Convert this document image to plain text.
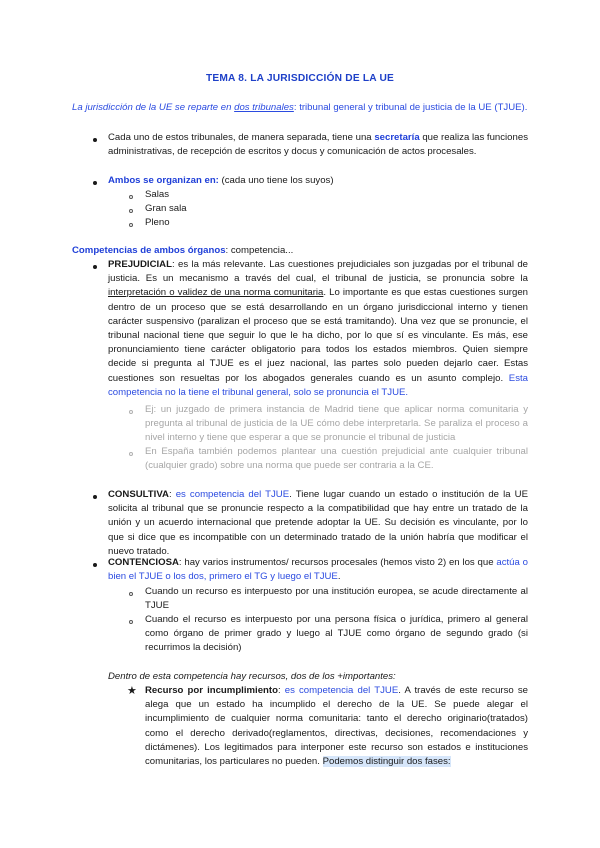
TEMA 8. LA JURISDICCIÓN DE LA UE

La jurisdicción de la UE se reparte en dos tribunales: tribunal general y tribunal de justicia de la UE (TJUE).

Cada uno de estos tribunales, de manera separada, tiene una secretaría que realiza las funciones administrativas, de recepción de escritos y docus y comunicación de actos procesales.

Ambos se organizan en: (cada uno tiene los suyos)

Salas

Gran sala

Pleno

Competencias de ambos órganos: competencia...

PREJUDICIAL: es la más relevante. Las cuestiones prejudiciales son juzgadas por el tribunal de justicia. Es un mecanismo a través del cual, el tribunal de justicia, se pronuncia sobre la interpretación o validez de una norma comunitaria. Lo importante es que estas cuestiones surgen dentro de un proceso que se está desarrollando en un órgano jurisdiccional interno y tienen carácter suspensivo (paralizan el proceso que se está tramitando). Una vez que se pronuncie, el tribunal nacional tiene que seguir lo que le ha dicho, por lo que sí es vinculante. Es más, ese pronunciamiento tiene carácter obligatorio para todos los estados miembros. Quien siempre decide si pregunta al TJUE es el juez nacional, las partes solo pueden dejarlo caer. Estas cuestiones son resueltas por los abogados generales cuando es un asunto complejo. Esta competencia no la tiene el tribunal general, solo se pronuncia el TJUE.

Ej: un juzgado de primera instancia de Madrid tiene que aplicar norma comunitaria y pregunta al tribunal de justicia de la UE cómo debe interpretarla. Se paraliza el proceso a nivel interno y tiene que esperar a que se pronuncie el tribunal de justicia

En España también podemos plantear una cuestión prejudicial ante cualquier tribunal (cualquier grado) sobre una norma que puede ser contraria a la CE.

CONSULTIVA: es competencia del TJUE. Tiene lugar cuando un estado o institución de la UE solicita al tribunal que se pronuncie respecto a la compatibilidad que hay entre un tratado de la unión y un acuerdo internacional que pretende adoptar la UE. Su decisión es vinculante, por lo que si dice que es incompatible con un determinado tratado de la unión habría que modificar el nuevo tratado.

CONTENCIOSA: hay varios instrumentos/ recursos procesales (hemos visto 2) en los que actúa o bien el TJUE o los dos, primero el TG y luego el TJUE.

Cuando un recurso es interpuesto por una institución europea, se acude directamente al TJUE

Cuando el recurso es interpuesto por una persona física o jurídica, primero al general como órgano de primer grado y luego al TJUE como órgano de segundo grado (si recurrimos la decisión)

Dentro de esta competencia hay recursos, dos de los +importantes:

★ Recurso por incumplimiento: es competencia del TJUE. A través de este recurso se alega que un estado ha incumplido el derecho de la UE. Se puede alegar el incumplimiento de cualquier norma comunitaria: tanto el derecho originario(tratados) como el derecho derivado(reglamentos, directivas, decisiones, recomendaciones y dictámenes). Los legitimados para interponer este recurso son estados e instituciones comunitarias, los particulares no pueden. Podemos distinguir dos fases:
